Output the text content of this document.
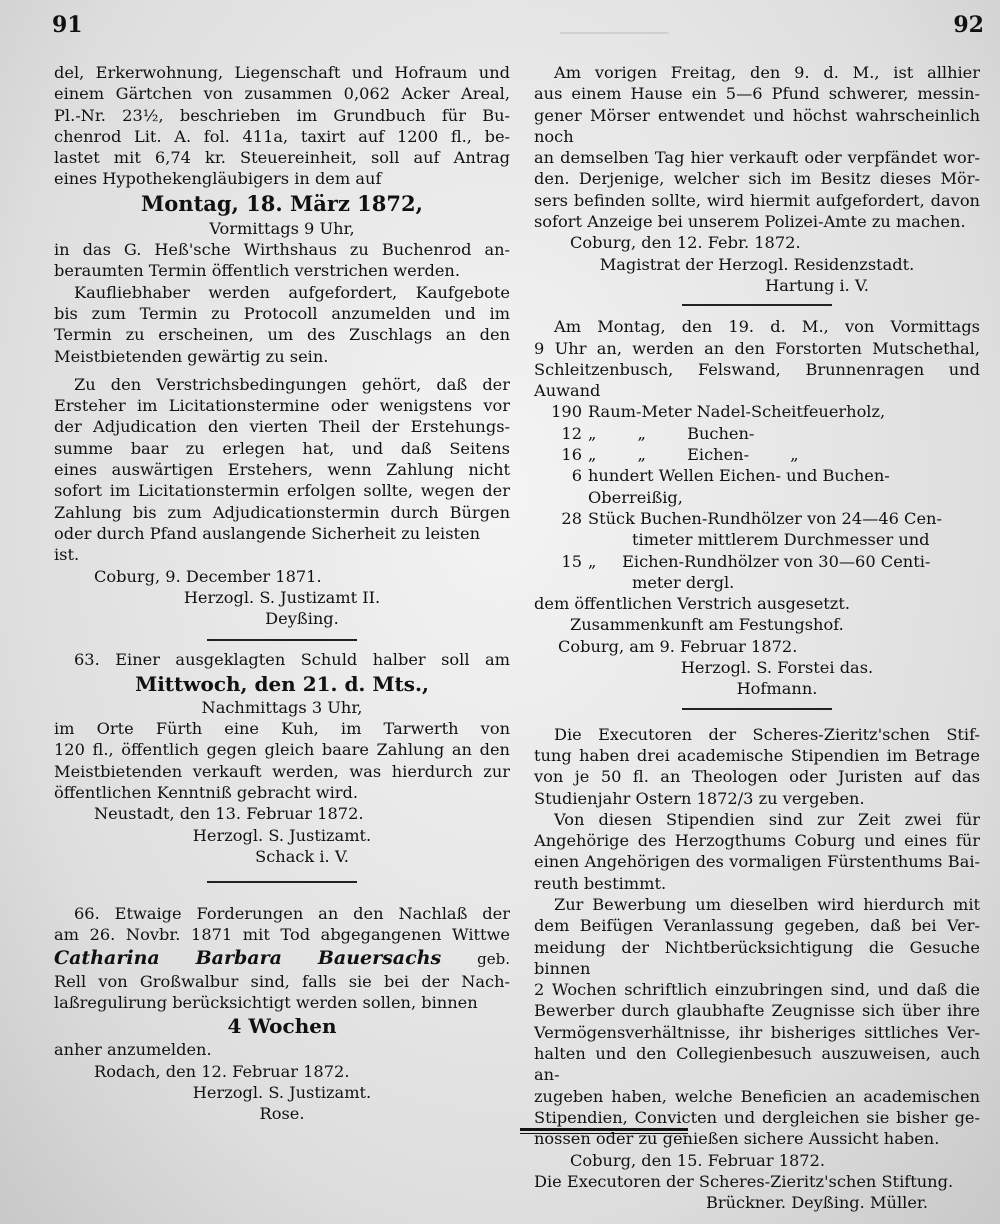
───────────────
91	92

del, Erkerwohnung, Liegenschaft und Hofraum und

einem Gärtchen von zusammen 0,062 Acker Areal,

Pl.-Nr. 23½, beschrieben im Grundbuch für Bu-

chenrod Lit. A. fol. 411a, taxirt auf 1200 fl., be-

lastet mit 6,74 kr. Steuereinheit, soll auf Antrag

eines Hypothekengläubigers in dem auf

Montag, 18. März 1872,

Vormittags 9 Uhr,

in das G. Heß'sche Wirthshaus zu Buchenrod an-

beraumten Termin öffentlich verstrichen werden.

Kaufliebhaber werden aufgefordert, Kaufgebote

bis zum Termin zu Protocoll anzumelden und im

Termin zu erscheinen, um des Zuschlags an den

Meistbietenden gewärtig zu sein.

Zu den Verstrichsbedingungen gehört, daß der

Ersteher im Licitationstermine oder wenigstens vor

der Adjudication den vierten Theil der Erstehungs-

summe baar zu erlegen hat, und daß Seitens

eines auswärtigen Erstehers, wenn Zahlung nicht

sofort im Licitationstermin erfolgen sollte, wegen der

Zahlung bis zum Adjudicationstermin durch Bürgen

oder durch Pfand auslangende Sicherheit zu leisten ist.

Coburg, 9. December 1871.

Herzogl. S. Justizamt II.

Deyßing.

63. Einer ausgeklagten Schuld halber soll am

Mittwoch, den 21. d. Mts.,

Nachmittags 3 Uhr,

im Orte Fürth eine Kuh, im Tarwerth von

120 fl., öffentlich gegen gleich baare Zahlung an den

Meistbietenden verkauft werden, was hierdurch zur

öffentlichen Kenntniß gebracht wird.

Neustadt, den 13. Februar 1872.

Herzogl. S. Justizamt.

Schack i. V.

66. Etwaige Forderungen an den Nachlaß der

am 26. Novbr. 1871 mit Tod abgegangenen Wittwe

Catharina Barbara Bauersachs geb.

Rell von Großwalbur sind, falls sie bei der Nach-

laßregulirung berücksichtigt werden sollen, binnen

4 Wochen

anher anzumelden.

Rodach, den 12. Februar 1872.

Herzogl. S. Justizamt.

Rose.

Am vorigen Freitag, den 9. d. M., ist allhier

aus einem Hause ein 5—6 Pfund schwerer, messin-

gener Mörser entwendet und höchst wahrscheinlich noch

an demselben Tag hier verkauft oder verpfändet wor-

den. Derjenige, welcher sich im Besitz dieses Mör-

sers befinden sollte, wird hiermit aufgefordert, davon

sofort Anzeige bei unserem Polizei-Amte zu machen.

Coburg, den 12. Febr. 1872.

Magistrat der Herzogl. Residenzstadt.

Hartung i. V.

Am Montag, den 19. d. M., von Vormittags

9 Uhr an, werden an den Forstorten Mutschethal,

Schleitzenbusch, Felswand, Brunnenragen und Auwand

190 Raum-Meter Nadel-Scheitfeuerholz,
12 „        „        Buchen-
16 „        „        Eichen-        „
6 hundert Wellen Eichen- und Buchen-Oberreißig,
28 Stück Buchen-Rundhölzer von 24—46 Cen-
timeter mittlerem Durchmesser und
15 „     Eichen-Rundhölzer von 30—60 Centi-
meter dergl.

dem öffentlichen Verstrich ausgesetzt.

Zusammenkunft am Festungshof.

Coburg, am 9. Februar 1872.

Herzogl. S. Forstei das.

Hofmann.

Die Executoren der Scheres-Zieritz'schen Stif-

tung haben drei academische Stipendien im Betrage

von je 50 fl. an Theologen oder Juristen auf das

Studienjahr Ostern 1872/3 zu vergeben.

Von diesen Stipendien sind zur Zeit zwei für

Angehörige des Herzogthums Coburg und eines für

einen Angehörigen des vormaligen Fürstenthums Bai-

reuth bestimmt.

Zur Bewerbung um dieselben wird hierdurch mit

dem Beifügen Veranlassung gegeben, daß bei Ver-

meidung der Nichtberücksichtigung die Gesuche binnen

2 Wochen schriftlich einzubringen sind, und daß die

Bewerber durch glaubhafte Zeugnisse sich über ihre

Vermögensverhältnisse, ihr bisheriges sittliches Ver-

halten und den Collegienbesuch auszuweisen, auch an-

zugeben haben, welche Beneficien an academischen

Stipendien, Convicten und dergleichen sie bisher ge-

nossen oder zu genießen sichere Aussicht haben.

Coburg, den 15. Februar 1872.

Die Executoren der Scheres-Zieritz'schen Stiftung.

Brückner. Deyßing. Müller.
